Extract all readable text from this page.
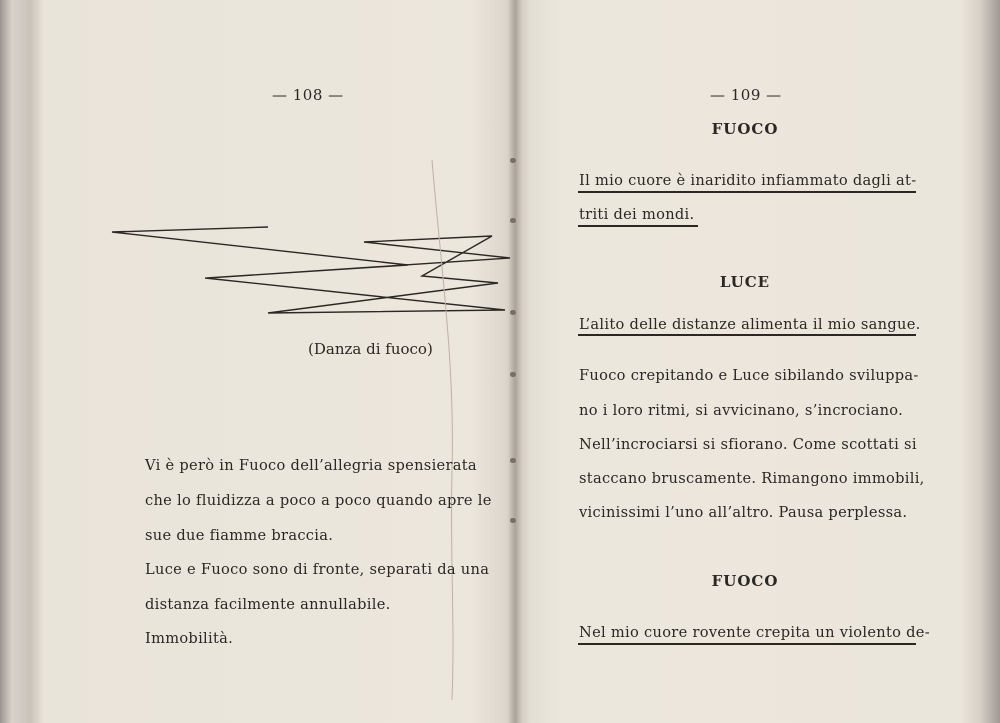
— 108 —
(Danza di fuoco)
Vi è però in Fuoco dell’allegria spensierata
che lo fluidizza a poco a poco quando apre le
sue due fiamme braccia.
Luce e Fuoco sono di fronte, separati da una
distanza facilmente annullabile.
Immobilità.
— 109 —
FUOCO
Il mio cuore è inaridito infiammato dagli at-
triti dei mondi.
LUCE
L’alito delle distanze alimenta il mio sangue.
Fuoco crepitando e Luce sibilando sviluppa-
no i loro ritmi, si avvicinano, s’incrociano.
Nell’incrociarsi si sfiorano. Come scottati si
staccano bruscamente. Rimangono immobili,
vicinissimi l’uno all’altro. Pausa perplessa.
FUOCO
Nel mio cuore rovente crepita un violento de-
